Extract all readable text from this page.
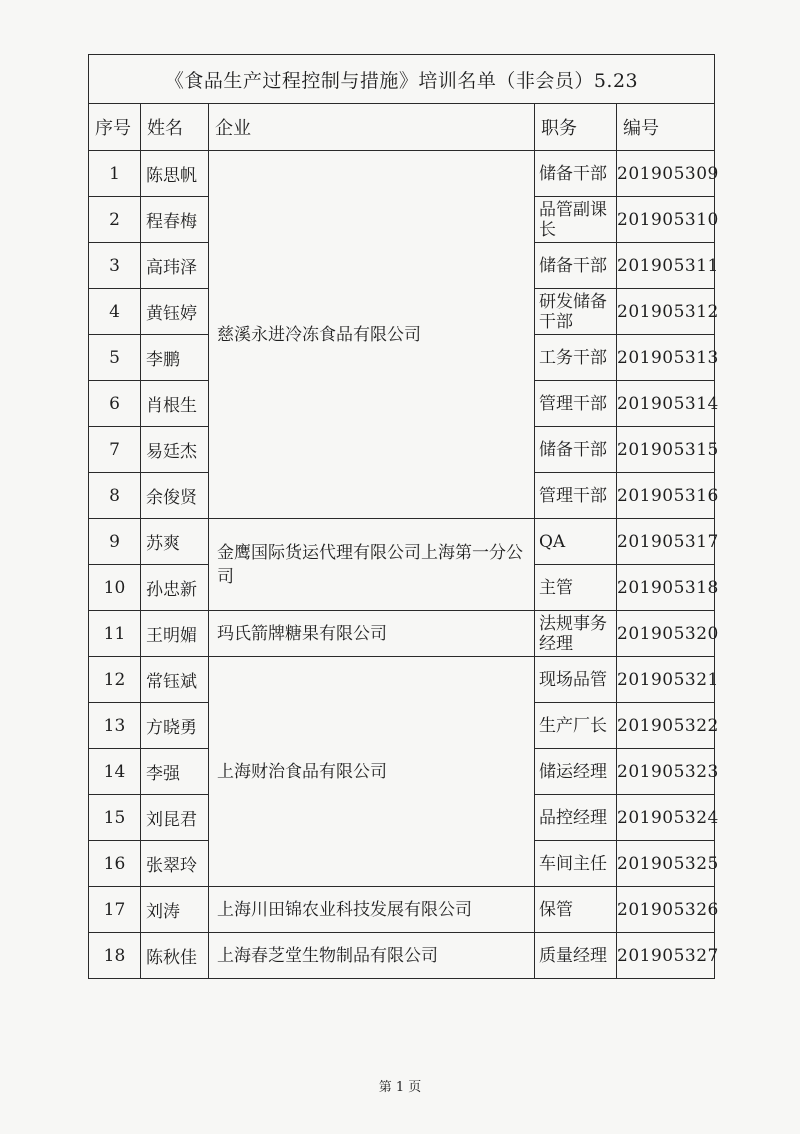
《食品生产过程控制与措施》培训名单（非会员）5.23				
序号	姓名	企业	职务	编号
1	陈思帆	慈溪永进冷冻食品有限公司	储备干部	201905309
2	程春梅		品管副课长	201905310
3	高玮泽		储备干部	201905311
4	黄钰婷		研发储备干部	201905312
5	李鹏		工务干部	201905313
6	肖根生		管理干部	201905314
7	易廷杰		储备干部	201905315
8	余俊贤		管理干部	201905316
9	苏爽	金鹰国际货运代理有限公司上海第一分公司	QA	201905317
10	孙忠新		主管	201905318
11	王明媚	玛氏箭牌糖果有限公司	法规事务经理	201905320
12	常钰斌	上海财治食品有限公司	现场品管	201905321
13	方晓勇		生产厂长	201905322
14	李强		储运经理	201905323
15	刘昆君		品控经理	201905324
16	张翠玲		车间主任	201905325
17	刘涛	上海川田锦农业科技发展有限公司	保管	201905326
18	陈秋佳	上海春芝堂生物制品有限公司	质量经理	201905327
第 1 页
